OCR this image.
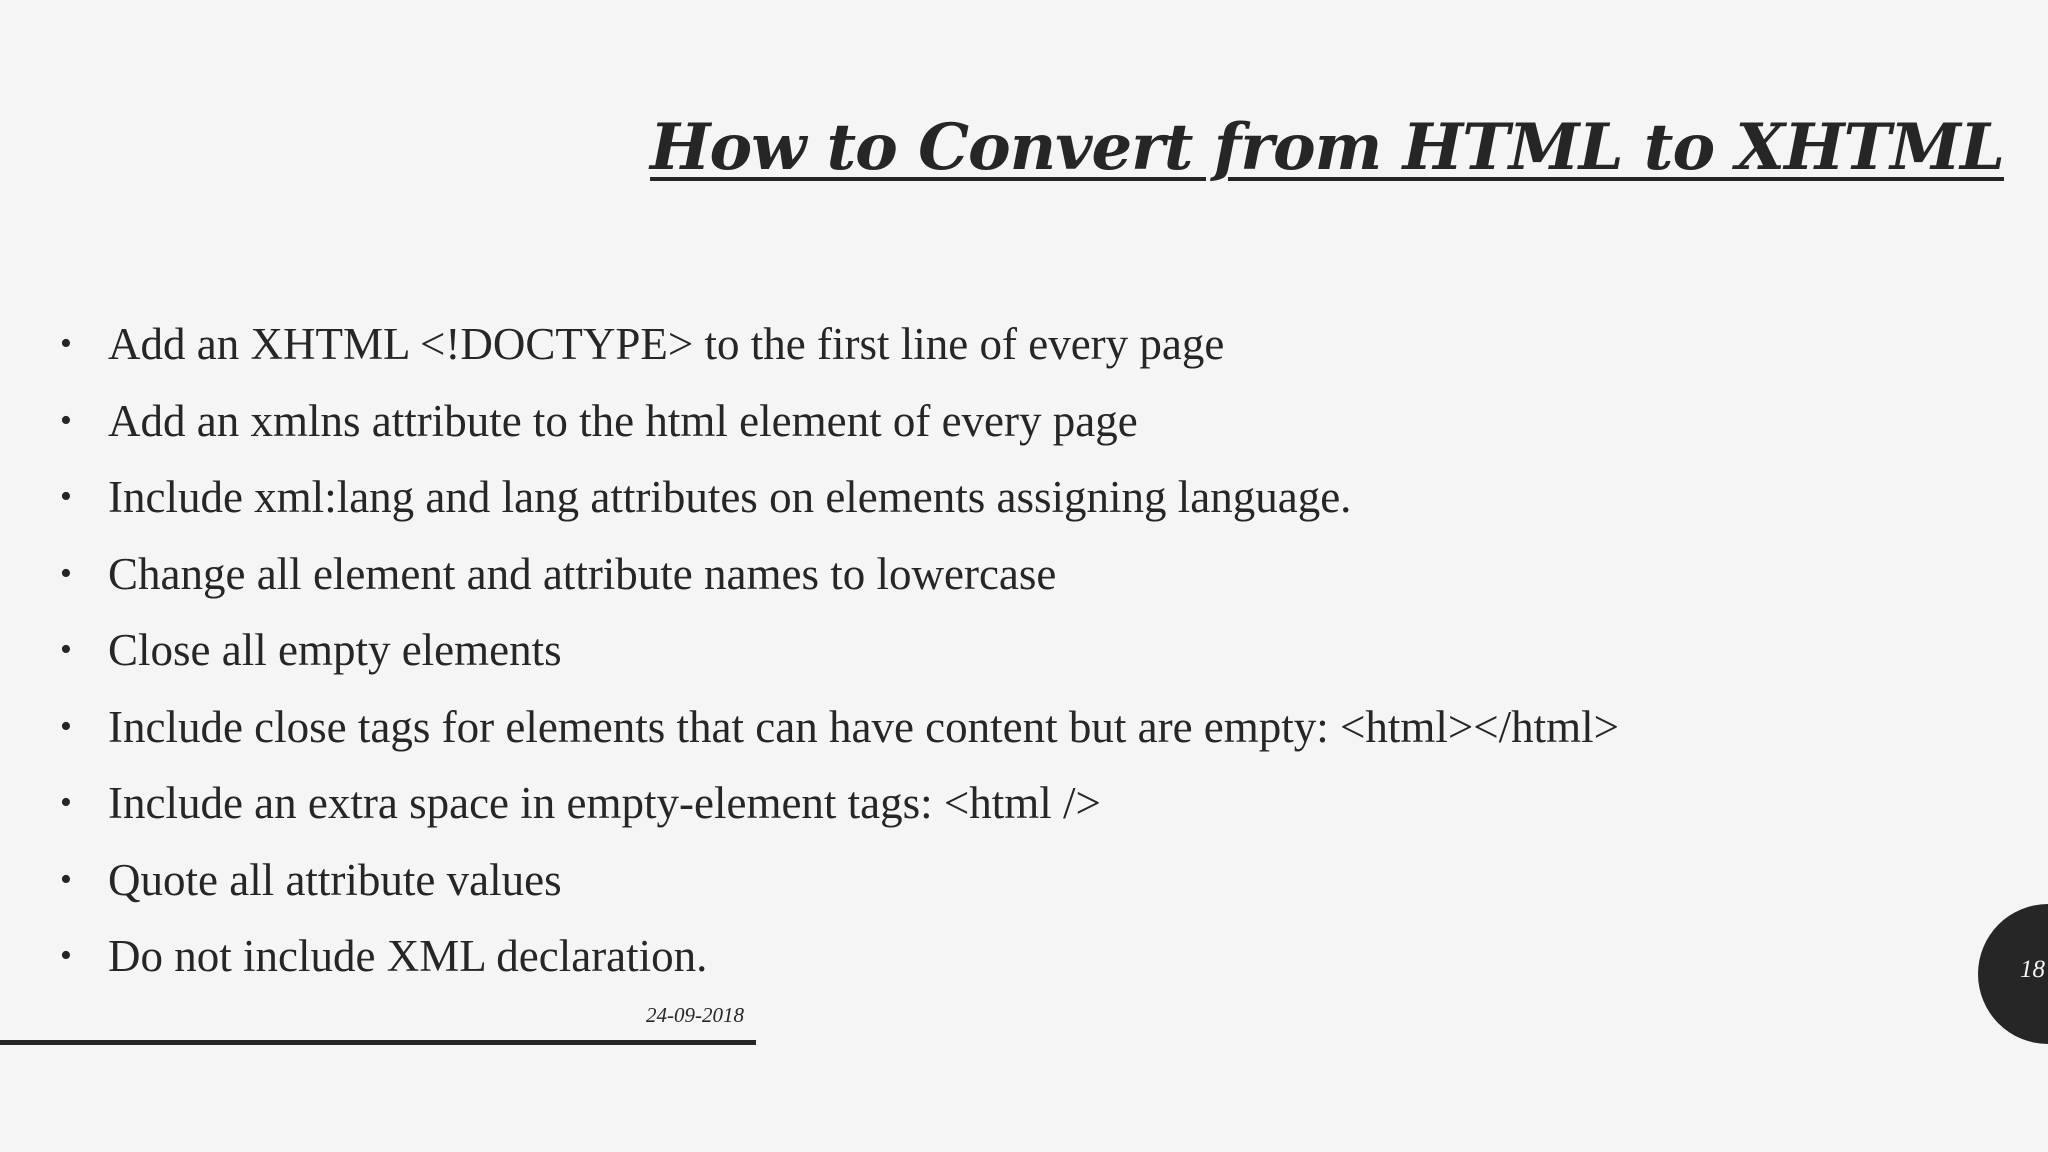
How to Convert from HTML to XHTML
• Add an XHTML <!DOCTYPE> to the first line of every page
• Add an xmlns attribute to the html element of every page
• Include xml:lang and lang attributes on elements assigning language.
• Change all element and attribute names to lowercase
• Close all empty elements
• Include close tags for elements that can have content but are empty: <html></html>
• Include an extra space in empty-element tags: <html />
• Quote all attribute values
• Do not include XML declaration.
24-09-2018
18
